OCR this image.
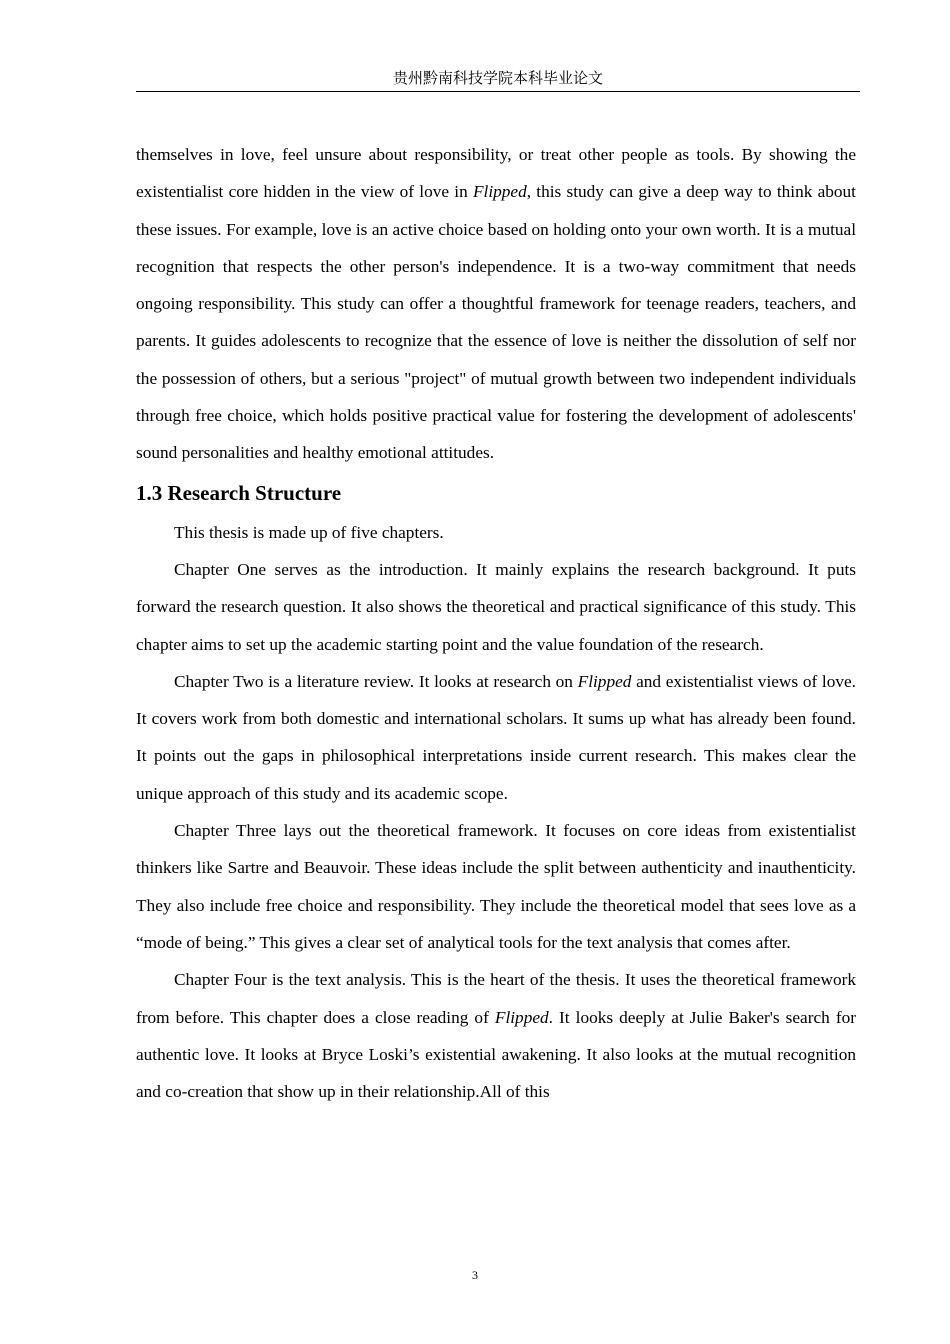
贵州黔南科技学院本科毕业论文

themselves in love, feel unsure about responsibility, or treat other people as tools. By showing the existentialist core hidden in the view of love in Flipped, this study can give a deep way to think about these issues. For example, love is an active choice based on holding onto your own worth. It is a mutual recognition that respects the other person's independence. It is a two-way commitment that needs ongoing responsibility. This study can offer a thoughtful framework for teenage readers, teachers, and parents. It guides adolescents to recognize that the essence of love is neither the dissolution of self nor the possession of others, but a serious "project" of mutual growth between two independent individuals through free choice, which holds positive practical value for fostering the development of adolescents' sound personalities and healthy emotional attitudes.

1.3 Research Structure

This thesis is made up of five chapters.

Chapter One serves as the introduction. It mainly explains the research background. It puts forward the research question. It also shows the theoretical and practical significance of this study. This chapter aims to set up the academic starting point and the value foundation of the research.

Chapter Two is a literature review. It looks at research on Flipped and existentialist views of love. It covers work from both domestic and international scholars. It sums up what has already been found. It points out the gaps in philosophical interpretations inside current research. This makes clear the unique approach of this study and its academic scope.

Chapter Three lays out the theoretical framework. It focuses on core ideas from existentialist thinkers like Sartre and Beauvoir. These ideas include the split between authenticity and inauthenticity. They also include free choice and responsibility. They include the theoretical model that sees love as a “mode of being.” This gives a clear set of analytical tools for the text analysis that comes after.

Chapter Four is the text analysis. This is the heart of the thesis. It uses the theoretical framework from before. This chapter does a close reading of Flipped. It looks deeply at Julie Baker's search for authentic love. It looks at Bryce Loski’s existential awakening. It also looks at the mutual recognition and co-creation that show up in their relationship.All of this

3
